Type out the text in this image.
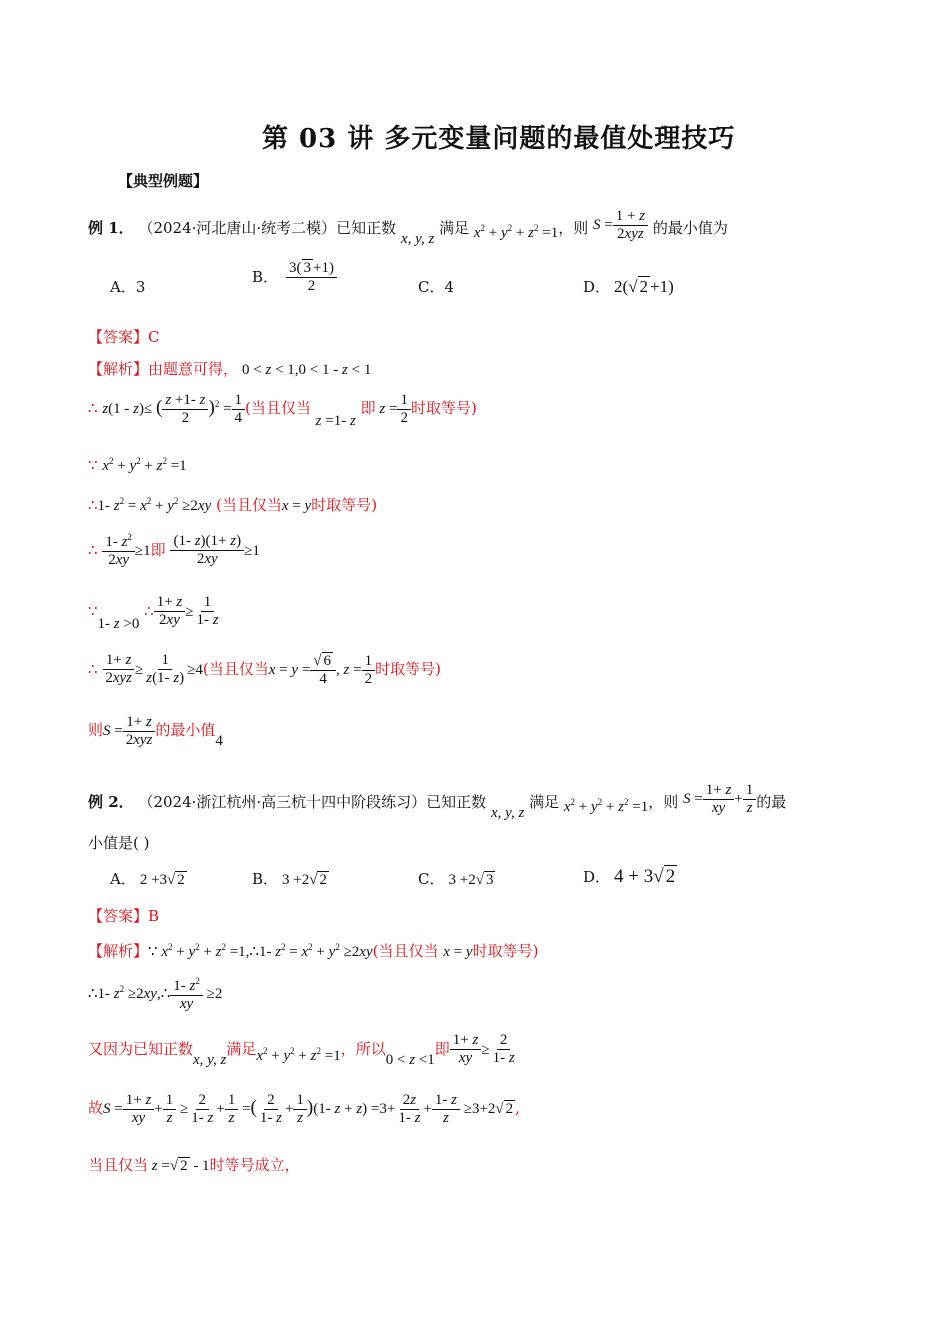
第 03 讲 多元变量问题的最值处理技巧
【典型例题】
例 1． （2024·河北唐山·统考二模）已知正数 x, y, z 满足 $x^2 + y^2 + z^2 =1$，则 $S = \frac{1 + z}{\text{2xyz}}$ 的最小值为
A．3
B． $\frac{3( 3 +1)}{2}$	C．4	D． 2(√ 2 +1)
【答案】C
【解析】由题意可得， 0 < z < 1,0 < 1 - z < 1
∴ z(1 - z)≤ ( $\frac{z +1- z}{2} )^2 = \frac{1}{4}$ (当且仅当 z =1- z 即 $z = \frac{1}{2}$ 时取等号)
∵ $x^2 + y^2 + z^2 =1$
∴1- $z^2 = x^2 + y^2 \ge 2xy$ (当且仅当x = y时取等号)
∴ $\frac{1- z^2}{2xy} \ge 1$即 $\frac{(1- z)(1+ z)}{2xy} \ge 1$
∵1- z >0 ∴ $\frac{1+ z}{2xy} \ge \frac{1}{1- z}$
∴ $\frac{1+ z}{\text{2xyz}} \ge \frac{1}{z(1- z)} \ge 4$(当且仅当$x = y = \frac{√ 6}{4}$ , $z = \frac{1}{2}$ 时取等号)
则$S = \frac{1+ z}{\text{2xyz}}$ 的最小值4
例 2． （2024·浙江杭州·高三杭十四中阶段练习）已知正数 x, y, z 满足 $x^2 + y^2 + z^2 =1$，则 $S = \frac{1+ z}{xy} + \frac{1}{z}$ 的最
小值是( )
A． 2 +3√ 2	B． 3 +2√ 2	C． 3 +2√ 3	D． 4 + 3√ 2
【答案】B
【解析】∵ $x^2 + y^2 + z^2$ =1,∴1- $z^2 = x^2 + y^2 \ge 2xy$(当且仅当 x = y时取等号)
∴1- $z^2$ ≥2xy,∴ $\frac{1- z^2}{xy} \ge 2$
又因为已知正数x, y, z满足$x^2 + y^2 + z^2 =1$，所以0 < z <1即 $\frac{1+ z}{xy} \ge \frac{2}{1- z}$
故$S = \frac{1+ z}{xy} + \frac{1}{z} \ge \frac{2}{1- z} + \frac{1}{z}$ =( $\frac{2}{1- z} + \frac{1}{z} )(1-$ $z + z) =3+ \frac{2z}{1- z} + \frac{1- z}{z} \ge 3+2√$ 2 ,
当且仅当 z =√ 2 - 1时等号成立，
x² + y² + z² = 1 S = (1 + z)/(2xyz) B．3(√3 + 1)/2 D．2(√2 + 1) 由题意可得，0 < z < 1, 0 < 1 - z < 1 ∴ z(1 - z) ≤ ((z + 1 - z)/2)² = 1/4 (当且仅当 z = 1 - z 即 z = 1/2 时取等号) ∵ x² + y² + z² = 1 ∴ 1 - z² = x² + y² ≥ 2xy (当且仅当 x = y 时取等号) ∴ (1 - z²)/(2xy) ≥ 1 即 (1 - z)(1 + z)/(2xy) ≥ 1 ∵ 1 - z > 0 ∴ (1 + z)/(2xy) ≥ 1/(1 - z) ∴ (1 + z)/(2xyz) ≥ 1/(z(1 - z)) ≥ 4 (当且仅当 x = y = √6/4, z = 1/2 时取等号) 则 S = (1 + z)/(2xyz) 的最小值 4 x² + y² + z² = 1 S = (1 + z)/(xy) + 1/z A．2 + 3√2 B．3 + 2√2 C．3 + 2√3 D．4 + 3√2 ∵ x² + y² + z² = 1, ∴ 1 - z² = x² + y² ≥ 2xy (当且仅当 x = y 时取等号) ∴ 1 - z² ≥ 2xy, ∴ (1 - z²)/(xy) ≥ 2 又因为已知正数 x, y, z 满足 x² + y² + z² = 1，所以 0 < z < 1 即 (1 + z)/(xy) ≥ 2/(1 - z) 故 S = (1 + z)/(xy) + 1/z ≥ 2/(1 - z) + 1/z = (2/(1 - z) + 1/z)(1 - z + z) = 3 + 2z/(1 - z) + (1 - z)/z ≥ 3 + 2√2, 当且仅当 z = √2 - 1 时等号成立，
